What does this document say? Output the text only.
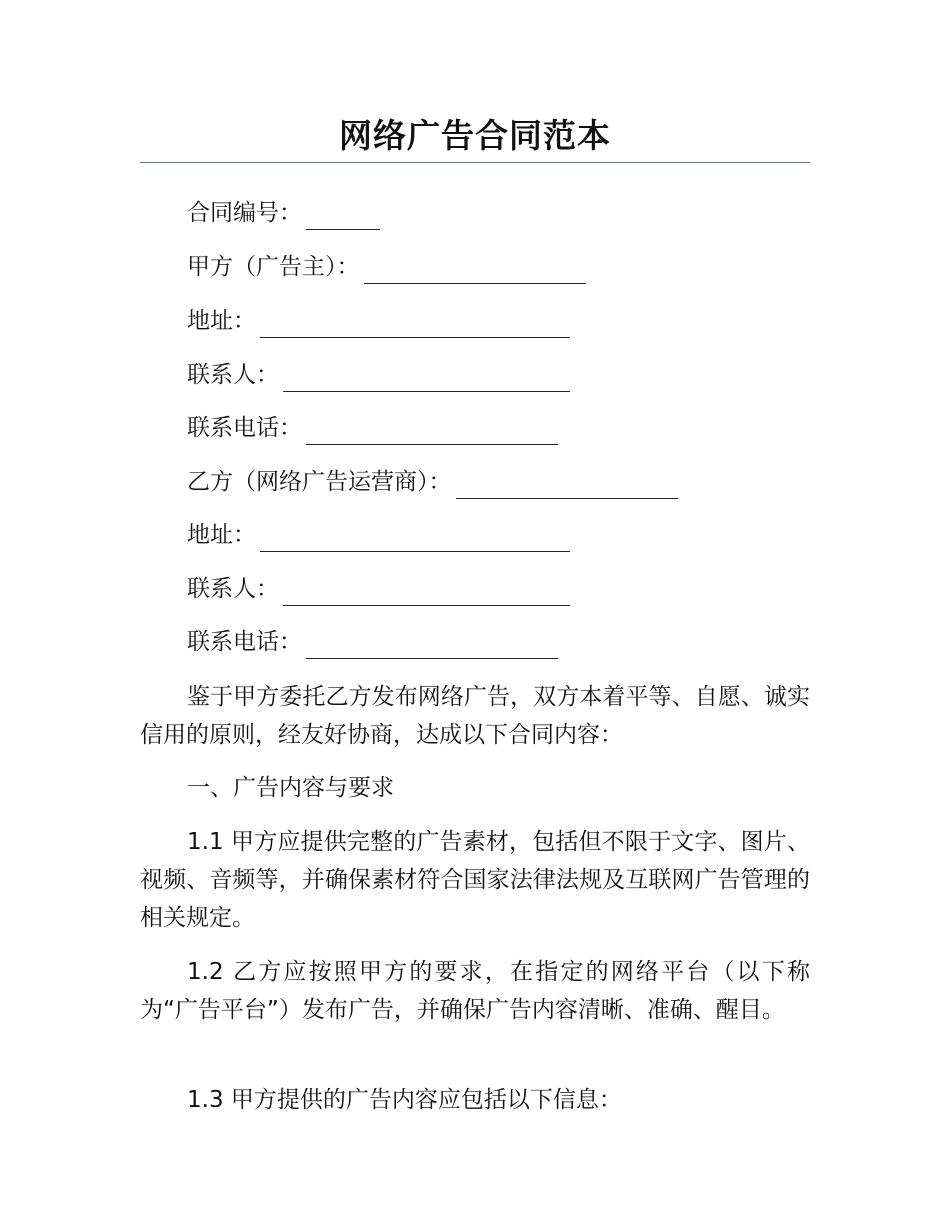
网络广告合同范本
合同编号：
甲方（广告主）：
地址：
联系人：
联系电话：
乙方（网络广告运营商）：
地址：
联系人：
联系电话：

鉴于甲方委托乙方发布网络广告，双方本着平等、自愿、诚实信用的原则，经友好协商，达成以下合同内容：

一、广告内容与要求

1.1 甲方应提供完整的广告素材，包括但不限于文字、图片、视频、音频等，并确保素材符合国家法律法规及互联网广告管理的相关规定。

1.2 乙方应按照甲方的要求，在指定的网络平台（以下称为“广告平台”）发布广告，并确保广告内容清晰、准确、醒目。

1.3 甲方提供的广告内容应包括以下信息：
